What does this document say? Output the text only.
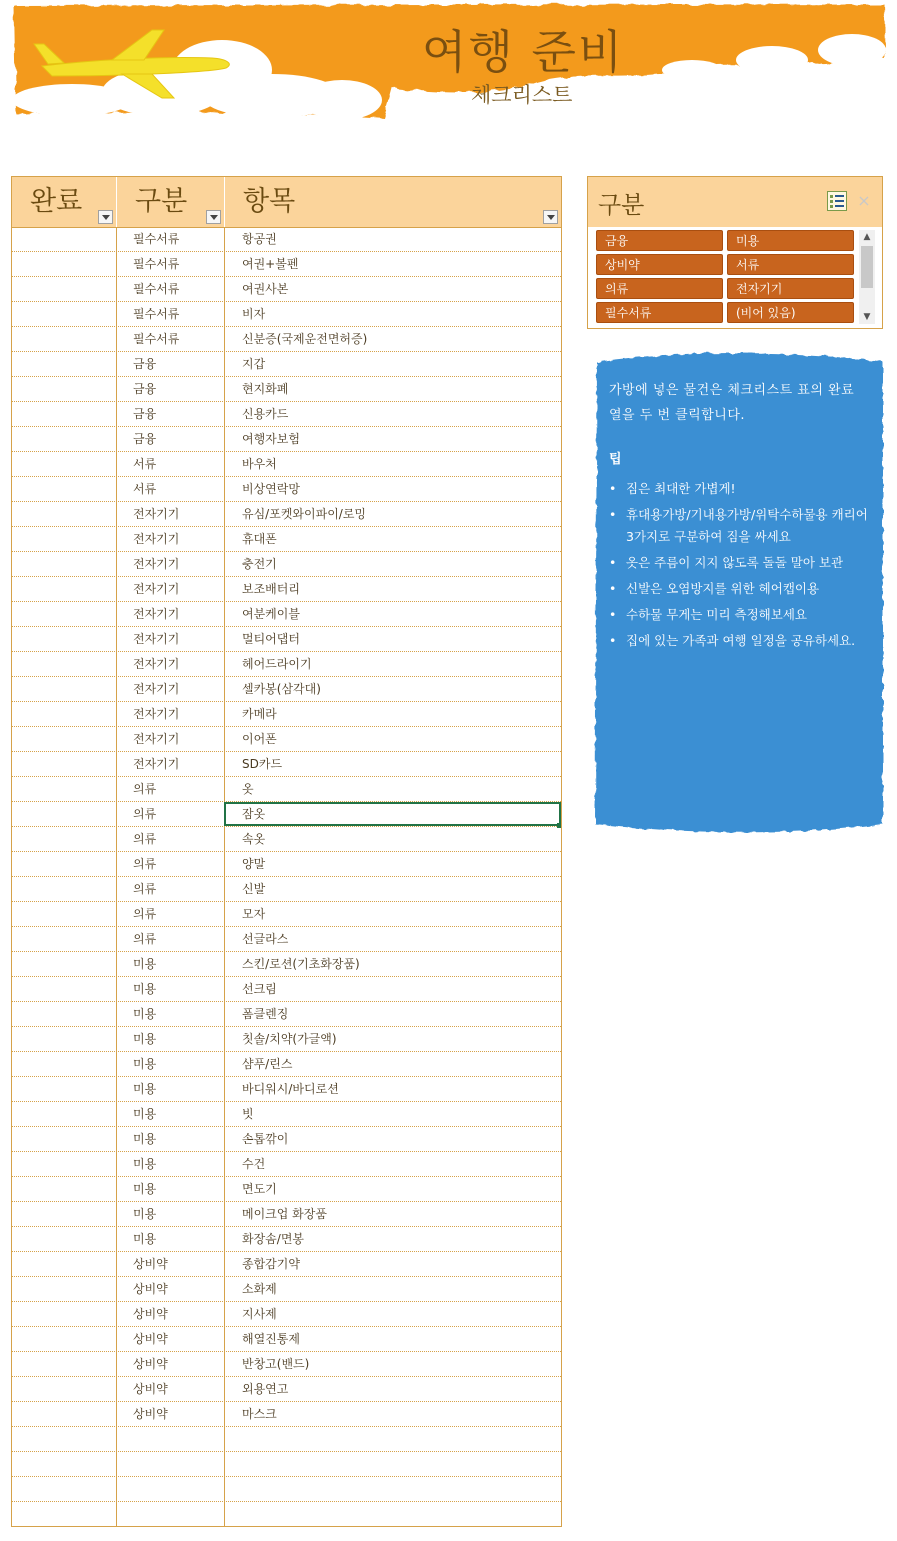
여행 준비
체크리스트
완료 구분 항목
필수서류	항공권
필수서류	여권+볼펜
필수서류	여권사본
필수서류	비자
필수서류	신분증(국제운전면허증)
금융	지갑
금융	현지화폐
금융	신용카드
금융	여행자보험
서류	바우처
서류	비상연락망
전자기기	유심/포켓와이파이/로밍
전자기기	휴대폰
전자기기	충전기
전자기기	보조배터리
전자기기	여분케이블
전자기기	멀티어댑터
전자기기	헤어드라이기
전자기기	셀카봉(삼각대)
전자기기	카메라
전자기기	이어폰
전자기기	SD카드
의류	옷
의류	잠옷
의류	속옷
의류	양말
의류	신발
의류	모자
의류	선글라스
미용	스킨/로션(기초화장품)
미용	선크림
미용	폼클렌징
미용	칫솔/치약(가글액)
미용	샴푸/린스
미용	바디워시/바디로션
미용	빗
미용	손톱깎이
미용	수건
미용	면도기
미용	메이크업 화장품
미용	화장솜/면봉
상비약	종합감기약
상비약	소화제
상비약	지사제
상비약	해열진통제
상비약	반창고(밴드)
상비약	외용연고
상비약	마스크
구분	⨯
금융	미용
상비약	서류
의류	전자기기
필수서류	(비어 있음)
▲
▼

가방에 넣은 물건은 체크리스트 표의 완료 열을 두 번 클릭합니다.

팁
• 짐은 최대한 가볍게!
• 휴대용가방/기내용가방/위탁수하물용 캐리어 3가지로 구분하여 짐을 싸세요
• 옷은 주름이 지지 않도록 돌돌 말아 보관
• 신발은 오염방지를 위한 헤어캡이용
• 수하물 무게는 미리 측정해보세요
• 집에 있는 가족과 여행 일정을 공유하세요.
